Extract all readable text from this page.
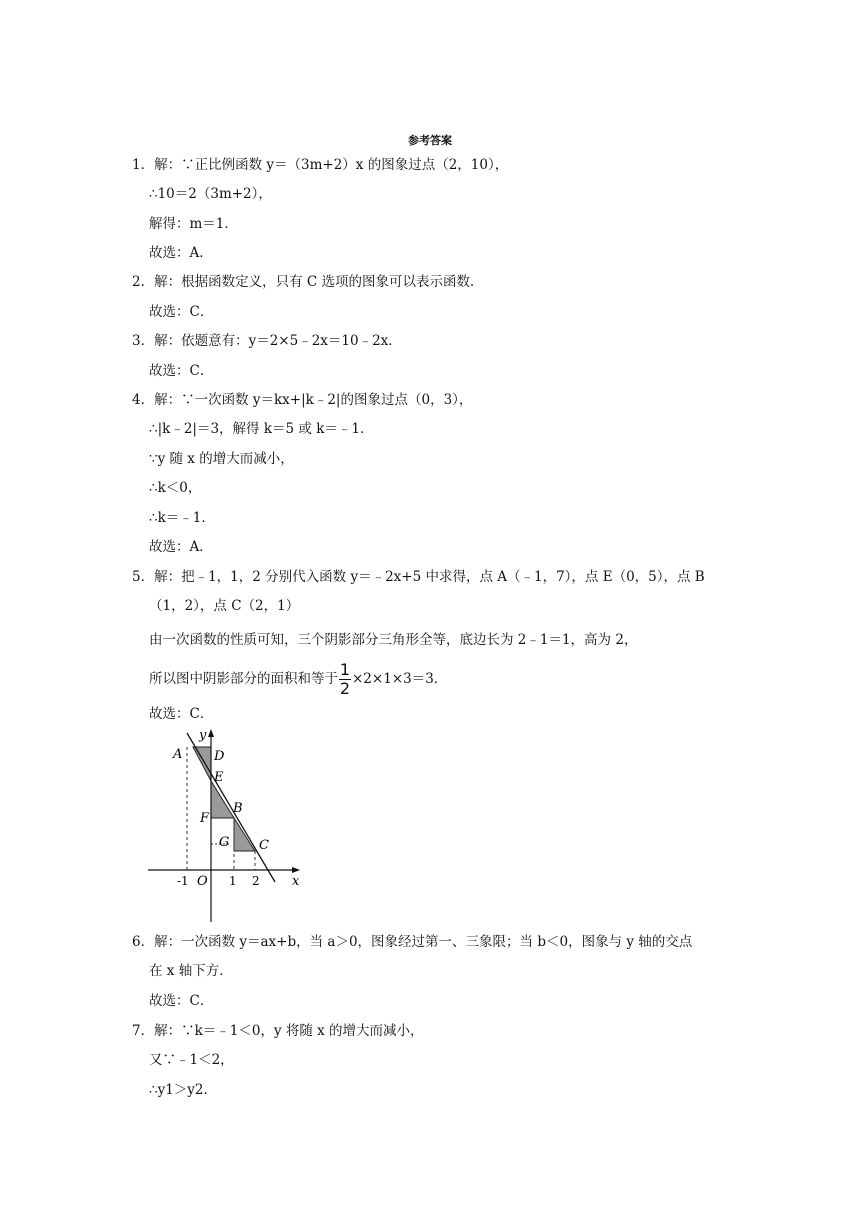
参考答案
1．解：∵正比例函数 y＝（3m+2）x 的图象过点（2，10），
∴10＝2（3m+2），
解得：m＝1．
故选：A．
2．解：根据函数定义，只有 C 选项的图象可以表示函数．
故选：C．
3．解：依题意有：y＝2×5﹣2x＝10﹣2x．
故选：C．
4．解：∵一次函数 y＝kx+|k﹣2|的图象过点（0，3），
∴|k﹣2|＝3，解得 k＝5 或 k＝﹣1．
∵y 随 x 的增大而减小，
∴k＜0，
∴k＝﹣1．
故选：A．
5．解：把﹣1，1，2 分别代入函数 y＝﹣2x+5 中求得，点 A（﹣1，7），点 E（0，5），点 B
（1，2），点 C（2，1）
由一次函数的性质可知，三个阴影部分三角形全等，底边长为 2﹣1＝1，高为 2，
所以图中阴影部分的面积和等于 $\frac{1}{2} \times 2\times 1\times 3=3$．
故选：C．
y
A D
E
B
F
G C
-1 O 1 2 x
6．解：一次函数 y＝ax+b，当 a＞0，图象经过第一、三象限；当 b＜0，图象与 y 轴的交点
在 x 轴下方．
故选：C．
7．解：∵k＝﹣1＜0，y 将随 x 的增大而减小，
又∵﹣1＜2，
∴y1＞y2．
